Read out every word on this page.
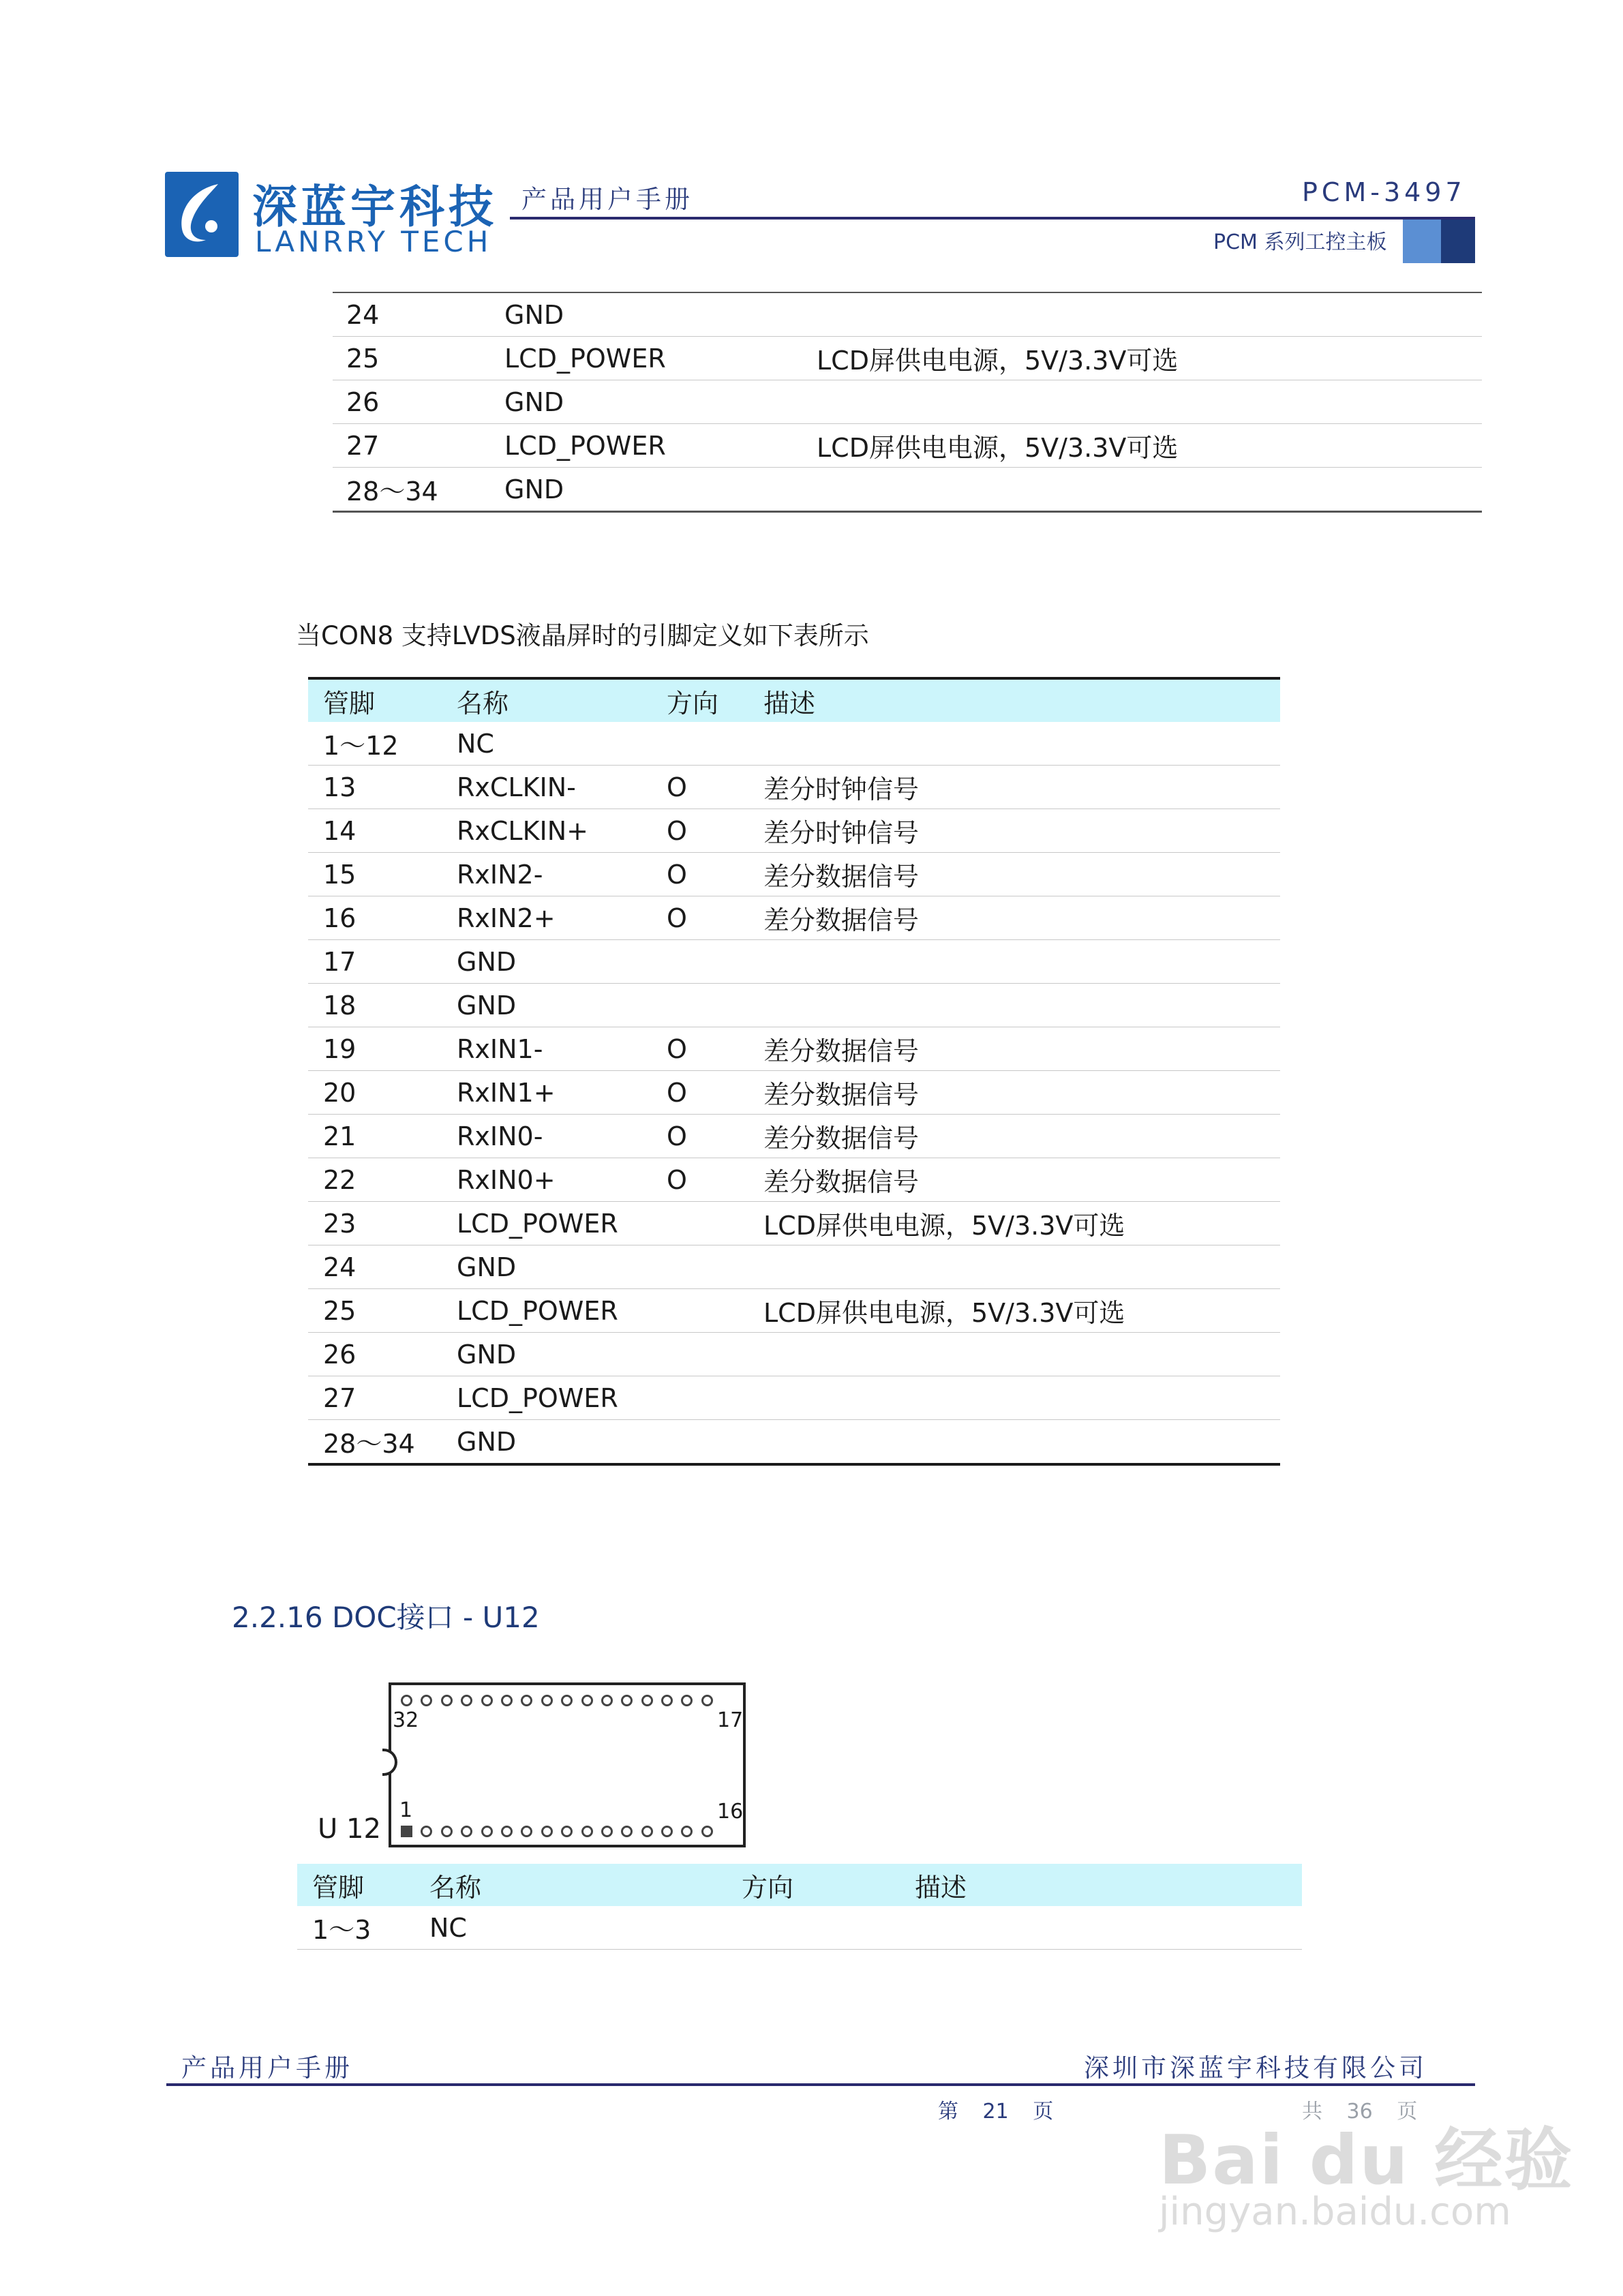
深蓝宇科技
LANRRY TECH
产品用户手册	PCM-3497
PCM 系列工控主板
24	GND	
25	LCD_POWER	LCD屏供电电源，5V/3.3V可选
26	GND	
27	LCD_POWER	LCD屏供电电源，5V/3.3V可选
28～34	GND	
当CON8 支持LVDS液晶屏时的引脚定义如下表所示
管脚	名称	方向	描述
1～12	NC		
13	RxCLKIN-	O	差分时钟信号
14	RxCLKIN+	O	差分时钟信号
15	RxIN2-	O	差分数据信号
16	RxIN2+	O	差分数据信号
17	GND		
18	GND		
19	RxIN1-	O	差分数据信号
20	RxIN1+	O	差分数据信号
21	RxIN0-	O	差分数据信号
22	RxIN0+	O	差分数据信号
23	LCD_POWER		LCD屏供电电源，5V/3.3V可选
24	GND		
25	LCD_POWER		LCD屏供电电源，5V/3.3V可选
26	GND		
27	LCD_POWER		
28～34	GND		
2.2.16 DOC接口 - U12
32	17
1	16
U 12
管脚	名称	方向	描述
1～3	NC		
产品用户手册	深圳市深蓝宇科技有限公司
第 21 页	共 36 页
Bai du 经验
jingyan.baidu.com
